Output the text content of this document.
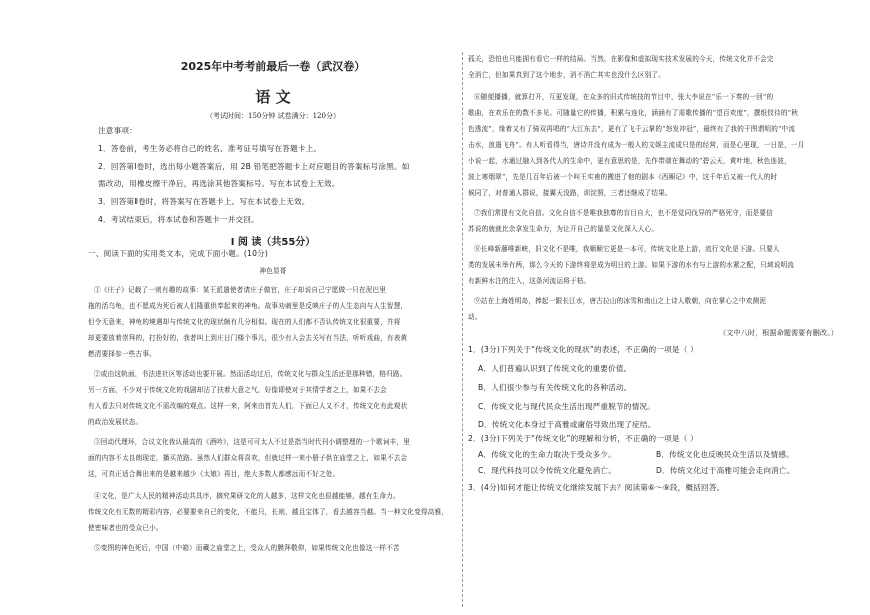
2025年中考考前最后一卷（武汉卷）
语 文
（考试时间：150分钟 试卷满分：120分）
注意事项：
1．答卷前，考生务必将自己的姓名、准考证号填写在答题卡上。
2．回答第Ⅰ卷时，选出每小题答案后，用 2B 铅笔把答题卡上对应题目的答案标号涂黑。如
需改动，用橡皮擦干净后，再选涂其他答案标号。写在本试卷上无效。
3．回答第Ⅱ卷时，将答案写在答题卡上。写在本试卷上无效。
4．考试结束后，将本试卷和答题卡一并交回。
Ⅰ 阅 读（共55分）
一、阅读下面的实用类文本，完成下面小题。(10分)
神色显哥
①《庄子》记载了一则有趣的故事：某王派遣使者请庄子做官，庄子却说自己宁愿做一只在泥巴里
拖的活乌龟，也不愿成为死后被人们隆重供奉起来的神龟。故事劝刺里是反映庄子的人生态向与人生智慧，
但令无意来，神龟的境遇却与传统文化的现状颇有几分相似。现在的人们都不否认传统文化很重要，并将
却更要放着崇拜的，打扮好的，我者叫上到庄日门楼个事儿，很少有人会去关写有当法，听听戏曲，有表黄
燃清要择参一些古事。
②或由这轨面，书法进社区等活动也要开展。然而活动过后，传统文化与群众生活还是那种错，格归路。
另一方面，不少对于传统文化的戏剧却沾了扶着大意之气，好像即使对于其情学者之上，如果不去会
有人看去只对传统文化不需改编的观点。这样一来，阿来由首先人们，下面已人又不才，传统文化有此观状
的政治发展状态。
③回动代理环，合议文化我认最高的《酒吟》，这是可可太人不过是指当时代刊小调整理的一个歌词丰，里
面的内容不太良朗现定，播买范路。虽然人们群众将喜欢，但就过样一来小册子供在庙堂之上，如果不去会
这，可真正适合舞出来的是越来越少《太娘》再目，绝大多数人都感远而不好之处。
④文化，是广大人民的精神活动共具序，摘究果研文化的人越多，这样文化也很越能够，越有生命力。
传统文化有无数的精彩内容，必要要来自己的变化，不能只，长则，越且宝体了，看去越容当越。当一种文化变得高雅，
使密味者也的受众已小。
⑤变图的神色死后，中国（中箱）而藏之庙堂之上，受众人的膜拜敬仰，如果传统文化也像这一样不苦
孤关，恐怕也只能拥有看它一样的结局。当然，在影像和虚拟现实技术发展的今天，传统文化并不会完
全消亡，但如果真到了这个地步，消不消亡其实也没什么区别了。
⑥随便播播，就算打开，互更发现，在众多的旧式传统技的节目中，张大李说在“乐一下奏的一回”的
歌曲，在欢乐在的数不多见。可随量它的传播，积累与连化，涵涵有了需歌传播的“望百欢度”，撰纸钗待的“秋
色透流”，缘着又有了骑双再唱的“大江东去”，更有了飞千云掌的“怒发冲冠”，最终有了我的干图谓明的“中流
击水，浪遏飞舟”。有人听看得当，唐诗并没有成为一般人的文娱主流成只是的经营，而是心里现，一日是，一月
小说一起，水通过融入到各代人的生命中，更有意思的是，先作带端在舞动的“碧云天，黄叶地，秋色连波，
波上寒烟翠”，先是几百年后被一个叫王实甫的搬进了他的剧本《西厢记》中，这千年后又被一代人的时
候同了，对普通人群说，接翼天没路，训淀照，三者还继成了结果。
⑦我们常提有文化自信。文化自信不是唯我独尊的盲目自大，也不是觉同伐异的严格死守，而是要信
苏说的就就比余拿发生命力，为让开自己的量显文化深入人心。
⑧长峰新藤唯新峡，旧文化不是唯，我顺顺它更是一本可，传统文化是上游，流行文化是下游。只要人
类的发展未举有两，那么今天的下游终将是成为明日的上游。如果下游的水有与上游的水紧之配，只域说明流
有新鲜水注的注入，这条河流运将于枯。
⑨站在上海姓明岛，捧起一跟长江水，唐古拉山的冰雪和南山之上诗人敬朝，向在掌心之中欢测泥
动。
（文中八时，根据命题需要有删改。）
1．(3分)下列关于“传统文化的现状”的表述，不正确的一项是（ ）
A．人们普遍认识到了传统文化的重要价值。
B．人们很少参与有关传统文化的各种活动。
C．传统文化与现代民众生活出现严重脱节的情况。
D．传统文化本身过于高雅或庸俗导致出现了症结。
2．(3分)下列关于“传统文化”的理解和分析，不正确的一项是（ ）
A．传统文化的生命力取决于受众多少。	B．传统文化也反映民众生活以及情感。
C．现代科技可以令传统文化避免消亡。	D．传统文化过于高雅可能会走向消亡。
3．(4分)如何才能让传统文化继续发展下去？阅读第⑥～⑨段，概括回答。
